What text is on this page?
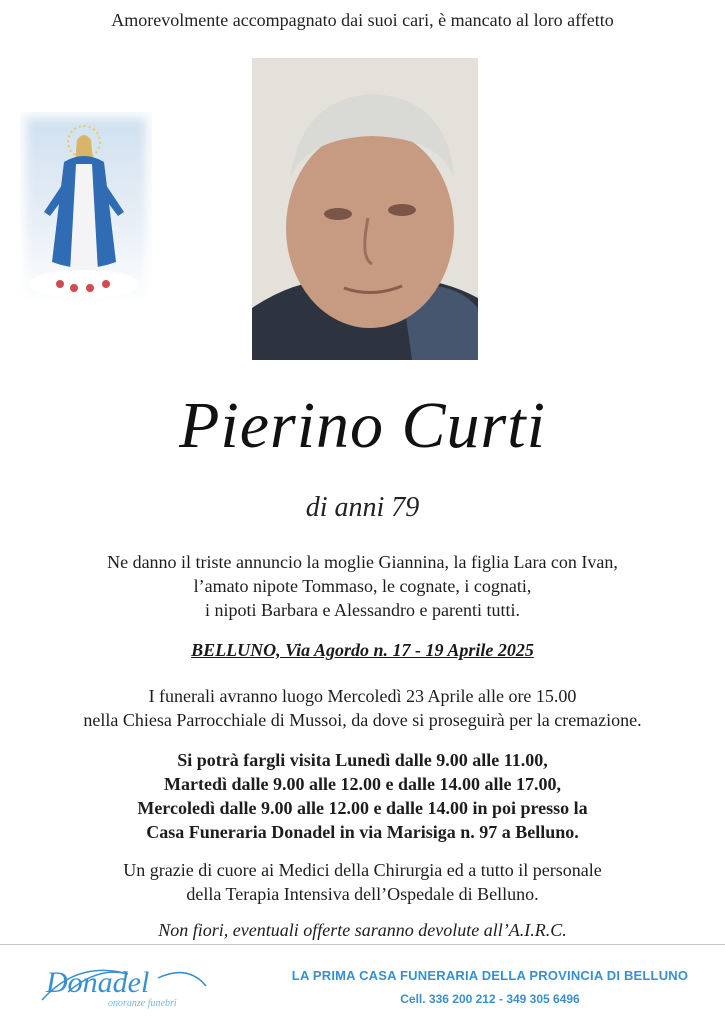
Amorevolmente accompagnato dai suoi cari, è mancato al loro affetto
Pierino Curti
di anni 79
Ne danno il triste annuncio la moglie Giannina, la figlia Lara con Ivan,
l’amato nipote Tommaso, le cognate, i cognati,
i nipoti Barbara e Alessandro e parenti tutti.
BELLUNO, Via Agordo n. 17 - 19 Aprile 2025
I funerali avranno luogo Mercoledì 23 Aprile alle ore 15.00
nella Chiesa Parrocchiale di Mussoi, da dove si proseguirà per la cremazione.
Si potrà fargli visita Lunedì dalle 9.00 alle 11.00,
Martedì dalle 9.00 alle 12.00 e dalle 14.00 alle 17.00,
Mercoledì dalle 9.00 alle 12.00 e dalle 14.00 in poi presso la
Casa Funeraria Donadel in via Marisiga n. 97 a Belluno.
Un grazie di cuore ai Medici della Chirurgia ed a tutto il personale
della Terapia Intensiva dell’Ospedale di Belluno.
Non fiori, eventuali offerte saranno devolute all’A.I.R.C.
Donadel
onoranze funebri
LA PRIMA CASA FUNERARIA DELLA PROVINCIA DI BELLUNO
Cell. 336 200 212 - 349 305 6496
